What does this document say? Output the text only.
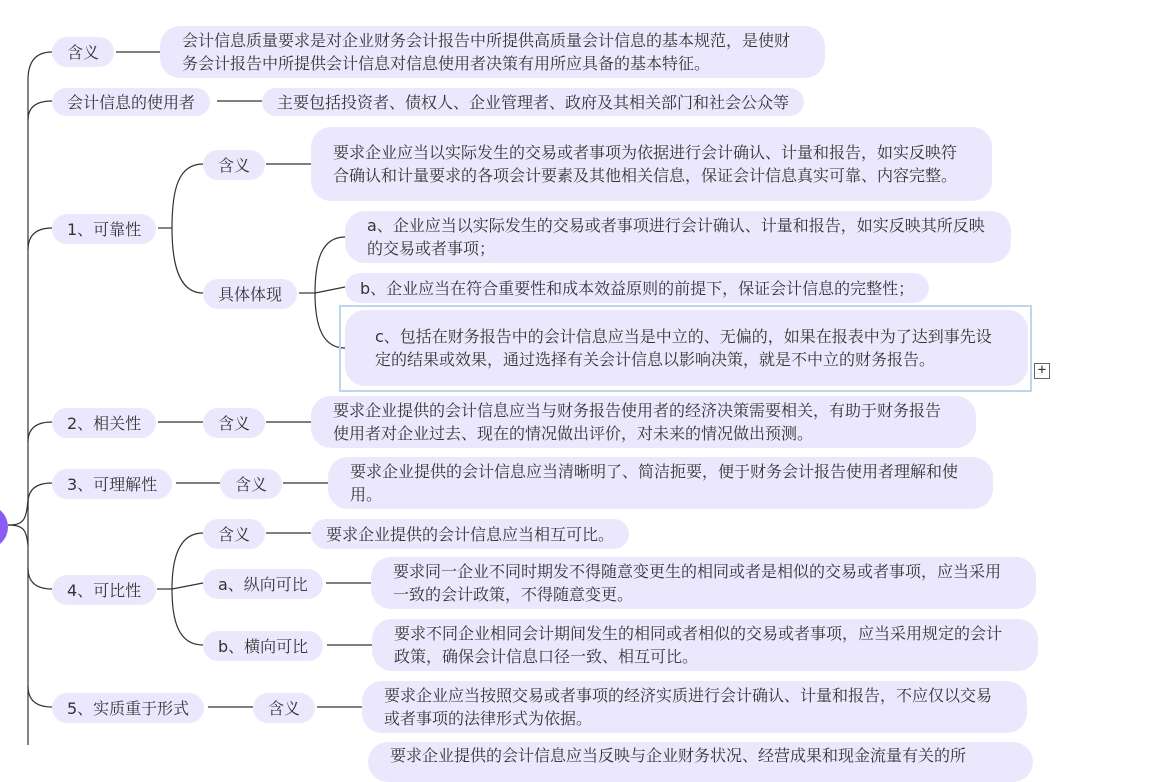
含义
会计信息质量要求是对企业财务会计报告中所提供高质量会计信息的基本规范，是使财务会计报告中所提供会计信息对信息使用者决策有用所应具备的基本特征。
会计信息的使用者	主要包括投资者、债权人、企业管理者、政府及其相关部门和社会公众等
1、可靠性
含义
要求企业应当以实际发生的交易或者事项为依据进行会计确认、计量和报告，如实反映符合确认和计量要求的各项会计要素及其他相关信息，保证会计信息真实可靠、内容完整。
具体体现
a、企业应当以实际发生的交易或者事项进行会计确认、计量和报告，如实反映其所反映的交易或者事项；
b、企业应当在符合重要性和成本效益原则的前提下，保证会计信息的完整性；
c、包括在财务报告中的会计信息应当是中立的、无偏的，如果在报表中为了达到事先设定的结果或效果，通过选择有关会计信息以影响决策，就是不中立的财务报告。
+
2、相关性	含义
要求企业提供的会计信息应当与财务报告使用者的经济决策需要相关，有助于财务报告使用者对企业过去、现在的情况做出评价，对未来的情况做出预测。
3、可理解性	含义
要求企业提供的会计信息应当清晰明了、简洁扼要，便于财务会计报告使用者理解和使用。
4、可比性
含义	要求企业提供的会计信息应当相互可比。
a、纵向可比
要求同一企业不同时期发不得随意变更生的相同或者是相似的交易或者事项，应当采用一致的会计政策，不得随意变更。
b、横向可比
要求不同企业相同会计期间发生的相同或者相似的交易或者事项，应当采用规定的会计政策，确保会计信息口径一致、相互可比。
5、实质重于形式	含义
要求企业应当按照交易或者事项的经济实质进行会计确认、计量和报告，不应仅以交易或者事项的法律形式为依据。
要求企业提供的会计信息应当反映与企业财务状况、经营成果和现金流量有关的所
